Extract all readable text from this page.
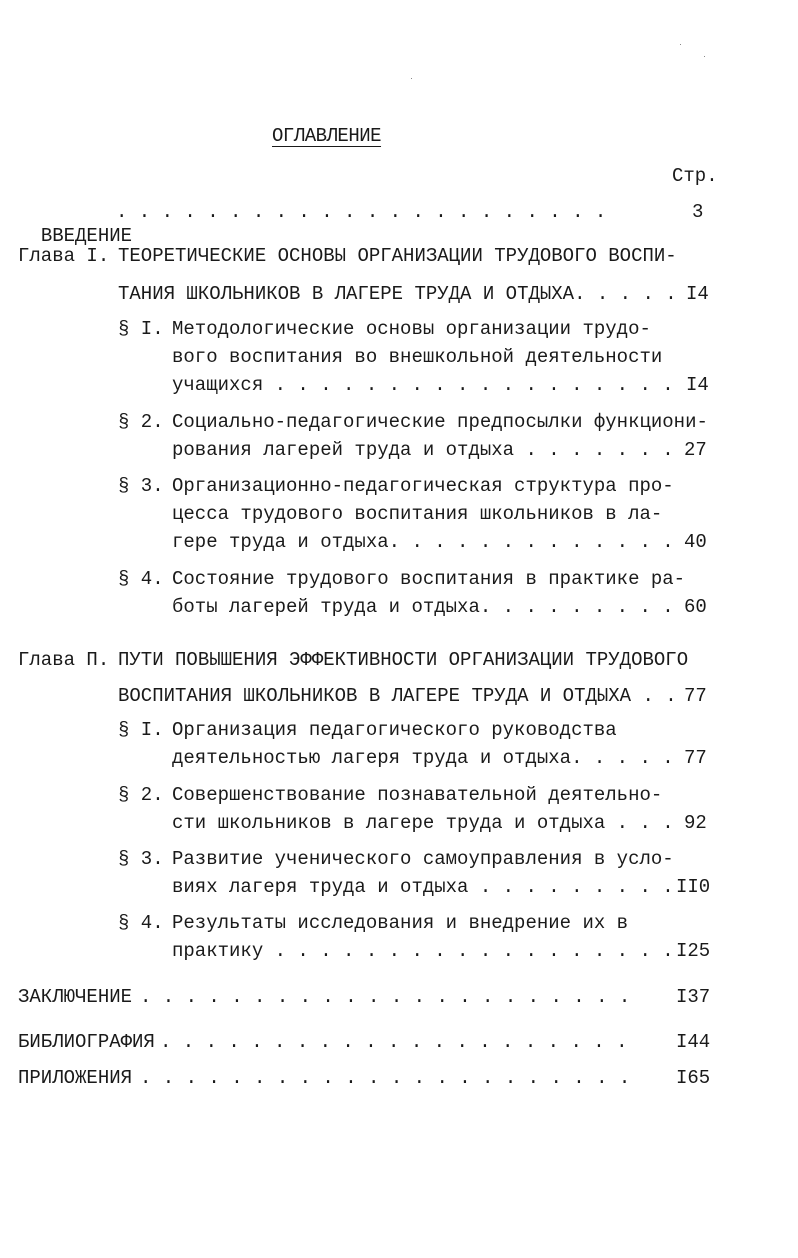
ОГЛАВЛЕНИЕ
Стр.

ВВЕДЕНИЕ

. . . . . . . . . . . . . . . . . . . . . .	3
Глава I. ТЕОРЕТИЧЕСКИЕ ОСНОВЫ ОРГАНИЗАЦИИ ТРУДОВОГО ВОСПИ-
ТАНИЯ ШКОЛЬНИКОВ В ЛАГЕРЕ ТРУДА И ОТДЫХА. . . . . I4
§ I. Методологические основы организации трудо-
вого воспитания во внешкольной деятельности
учащихся . . . . . . . . . . . . . . . . . . I4
§ 2. Социально-педагогические предпосылки функциони-
рования лагерей труда и отдыха . . . . . . . 27
§ 3. Организационно-педагогическая структура про-
цесса трудового воспитания школьников в ла-
гере труда и отдыха. . . . . . . . . . . . . 40
§ 4. Состояние трудового воспитания в практике ра-
боты лагерей труда и отдыха. . . . . . . . . 60
Глава П. ПУТИ ПОВЫШЕНИЯ ЭФФЕКТИВНОСТИ ОРГАНИЗАЦИИ ТРУДОВОГО
ВОСПИТАНИЯ ШКОЛЬНИКОВ В ЛАГЕРЕ ТРУДА И ОТДЫХА . . 77
§ I. Организация педагогического руководства
деятельностью лагеря труда и отдыха. . . . . 77
§ 2. Совершенствование познавательной деятельно-
сти школьников в лагере труда и отдыха . . . 92
§ 3. Развитие ученического самоуправления в усло-
виях лагеря труда и отдыха . . . . . . . . . II0
§ 4. Результаты исследования и внедрение их в
практику . . . . . . . . . . . . . . . . . . I25
ЗАКЛЮЧЕНИЕ . . . . . . . . . . . . . . . . . . . . . . I37
БИБЛИОГРАФИЯ . . . . . . . . . . . . . . . . . . . . .	I44
ПРИЛОЖЕНИЯ . . . . . . . . . . . . . . . . . . . . . . I65
